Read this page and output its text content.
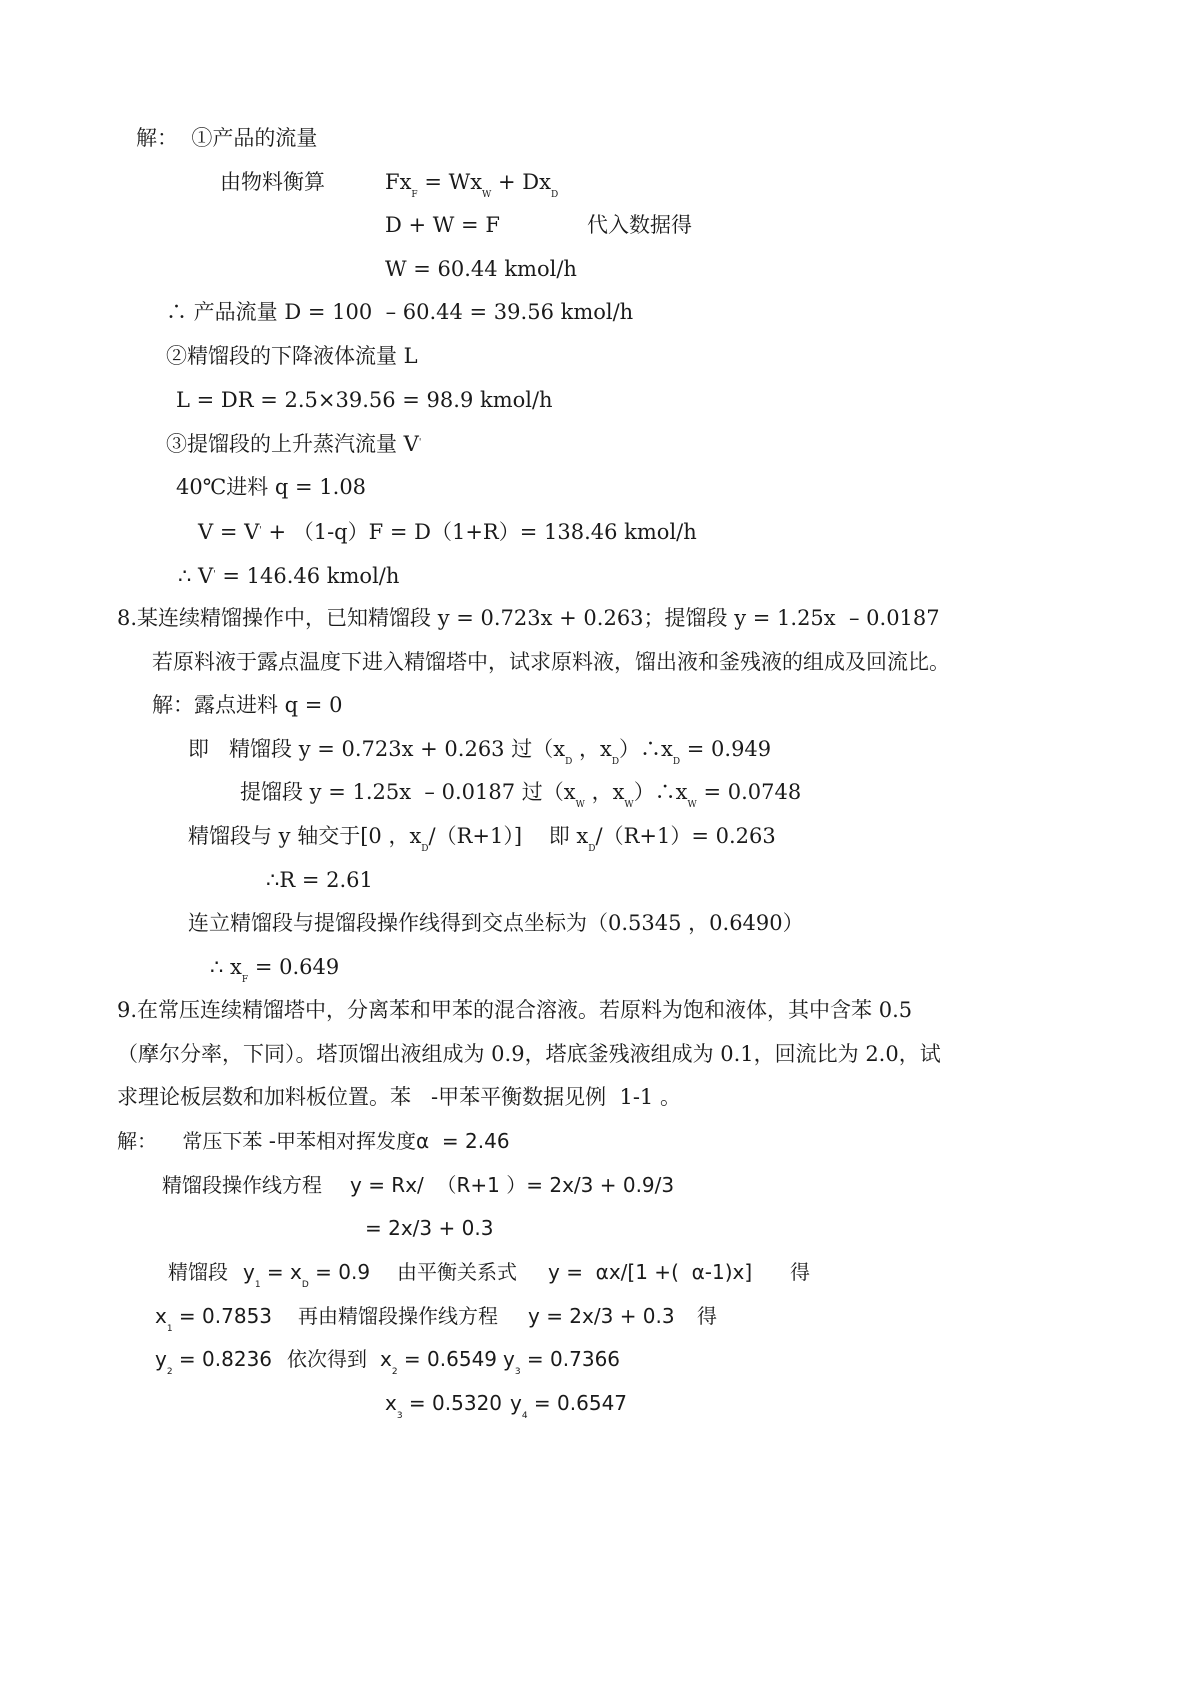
解：  ①产品的流量
由物料衡算	$Fx_F = Wx_W + Dx_D$
D + W = F	代入数据得
W = 60.44 kmol/h
∴ 产品流量 D = 100  – 60.44 = 39.56 kmol/h
②精馏段的下降液体流量 L
L = DR = 2.5×39.56 = 98.9 kmol/h
③提馏段的上升蒸汽流量 V'
40℃进料 q = 1.08
V = V' + （1-q）F = D（1+R）= 138.46 kmol/h
∴ V' = 146.46 kmol/h
8.某连续精馏操作中，已知精馏段 y = 0.723x + 0.263；提馏段 y = 1.25x  – 0.0187
若原料液于露点温度下进入精馏塔中，试求原料液，馏出液和釜残液的组成及回流比。
解：露点进料 q = 0
即   精馏段 y = 0.723x + 0.263 过（$x_D$ ，$x_D)\therefore x_D = 0.949$
提馏段 y = 1.25x  – 0.0187 过（$x_W$ ，$x_W)\therefore x_W = 0.0748$
精馏段与 y 轴交于[0 ，$x_D/(R+1)$]    即 $x_D/(R+1)= 0.263$
∴R = 2.61
连立精馏段与提馏段操作线得到交点坐标为（0.5345 ，0.6490）
∴ $x_F = 0.649$
9.在常压连续精馏塔中，分离苯和甲苯的混合溶液。若原料为饱和液体，其中含苯 0.5
（摩尔分率，下同）。塔顶馏出液组成为 0.9，塔底釜残液组成为 0.1，回流比为 2.0，试
求理论板层数和加料板位置。苯   -甲苯平衡数据见例  1-1 。
解：    常压下苯 -甲苯相对挥发度α  = 2.46
精馏段操作线方程 y = Rx/  （R+1 ）= 2x/3 + 0.9/3
= 2x/3 + 0.3
精馏段 $y_1 = x_D = 0.9$ 由平衡关系式 y =  αx/[1 +(  α-1)x] 得
$x_1 = 0.7853$ 再由精馏段操作线方程 y = 2x/3 + 0.3 得
$y_2 = 0.8236$ 依次得到 $x_2 = 0.6549$ $y_3 = 0.7366$
$x_3 = 0.5320$ $y_4 = 0.6547$
